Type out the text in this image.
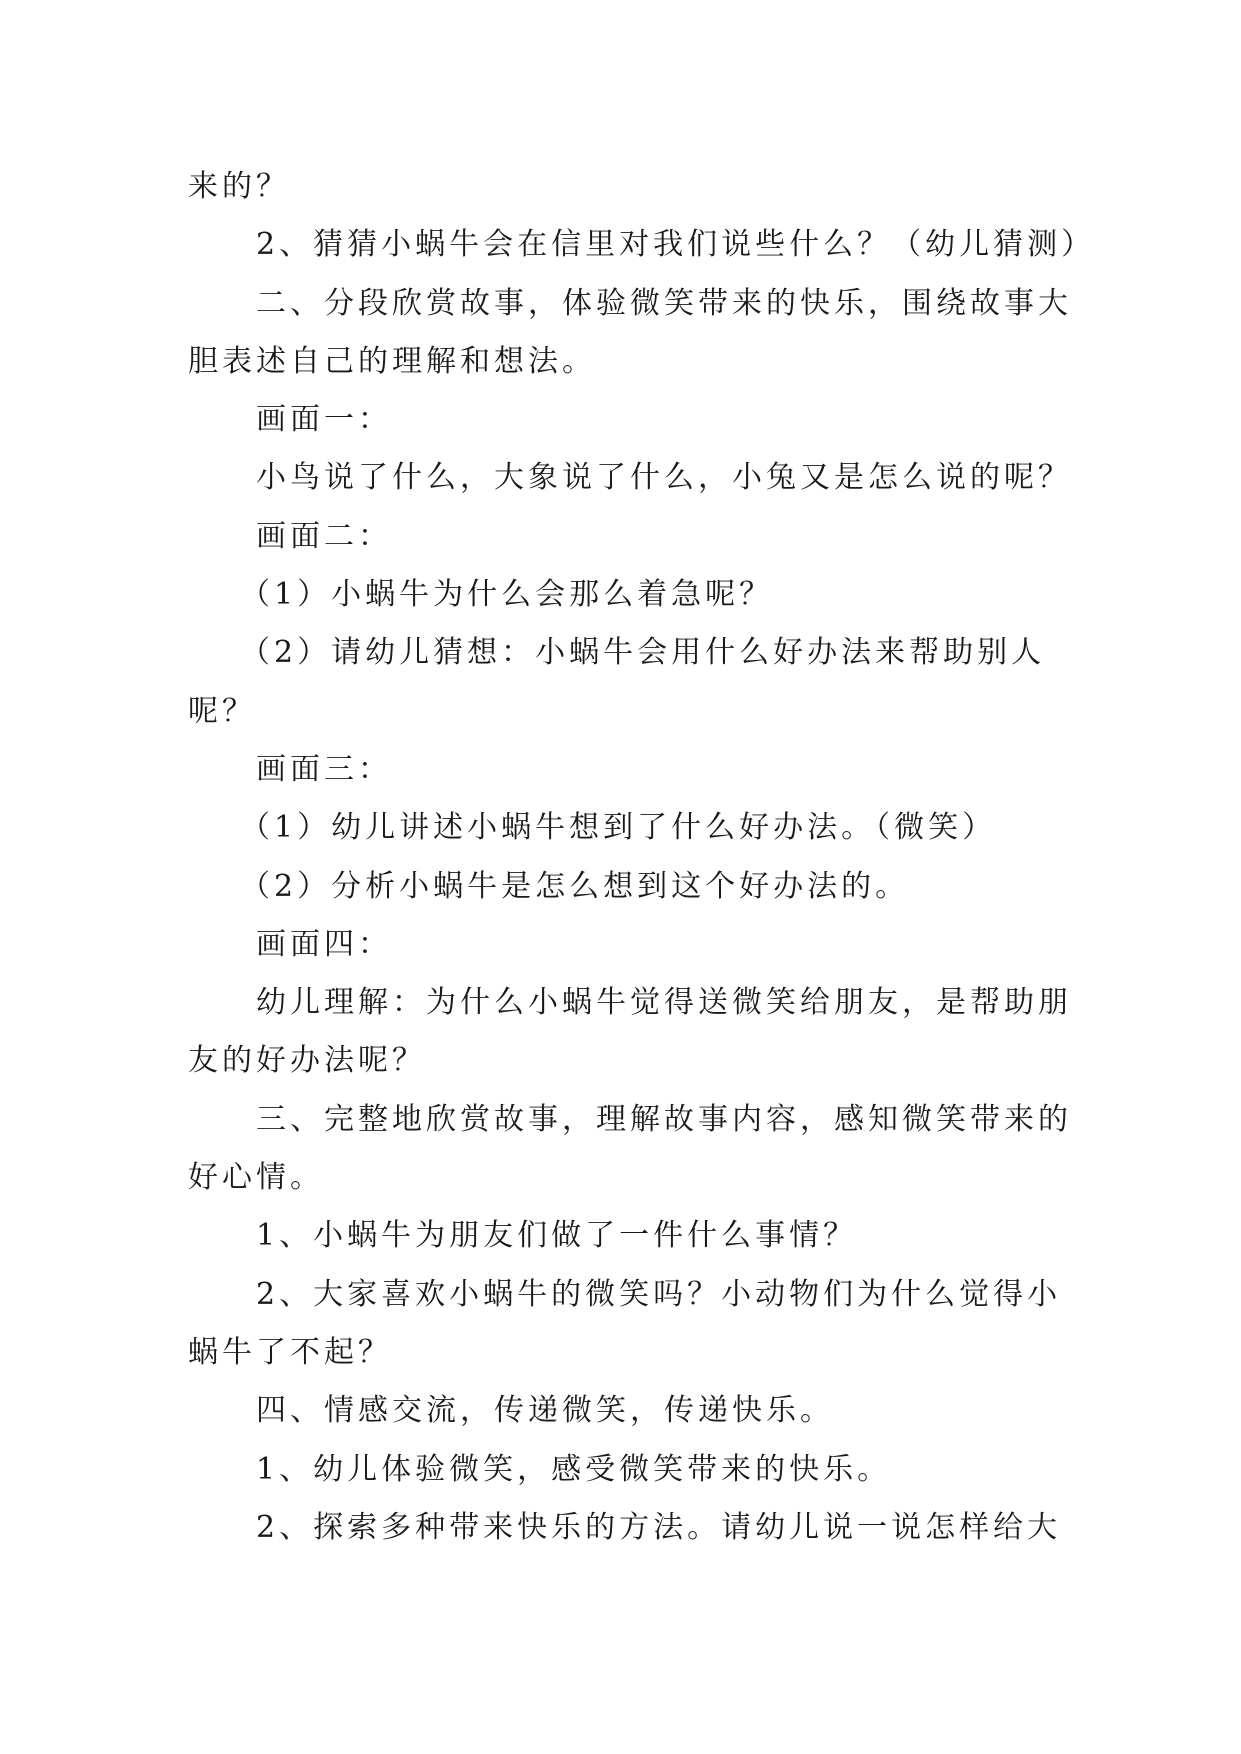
来的？
2、猜猜小蜗牛会在信里对我们说些什么？（幼儿猜测）
二、分段欣赏故事，体验微笑带来的快乐，围绕故事大
胆表述自己的理解和想法。
画面一：
小鸟说了什么，大象说了什么，小兔又是怎么说的呢？
画面二：
（1）小蜗牛为什么会那么着急呢？
（2）请幼儿猜想：小蜗牛会用什么好办法来帮助别人
呢？
画面三：
（1）幼儿讲述小蜗牛想到了什么好办法。（微笑）
（2）分析小蜗牛是怎么想到这个好办法的。
画面四：
幼儿理解：为什么小蜗牛觉得送微笑给朋友，是帮助朋
友的好办法呢？
三、完整地欣赏故事，理解故事内容，感知微笑带来的
好心情。
1、小蜗牛为朋友们做了一件什么事情？
2、大家喜欢小蜗牛的微笑吗？小动物们为什么觉得小
蜗牛了不起？
四、情感交流，传递微笑，传递快乐。
1、幼儿体验微笑，感受微笑带来的快乐。
2、探索多种带来快乐的方法。请幼儿说一说怎样给大
